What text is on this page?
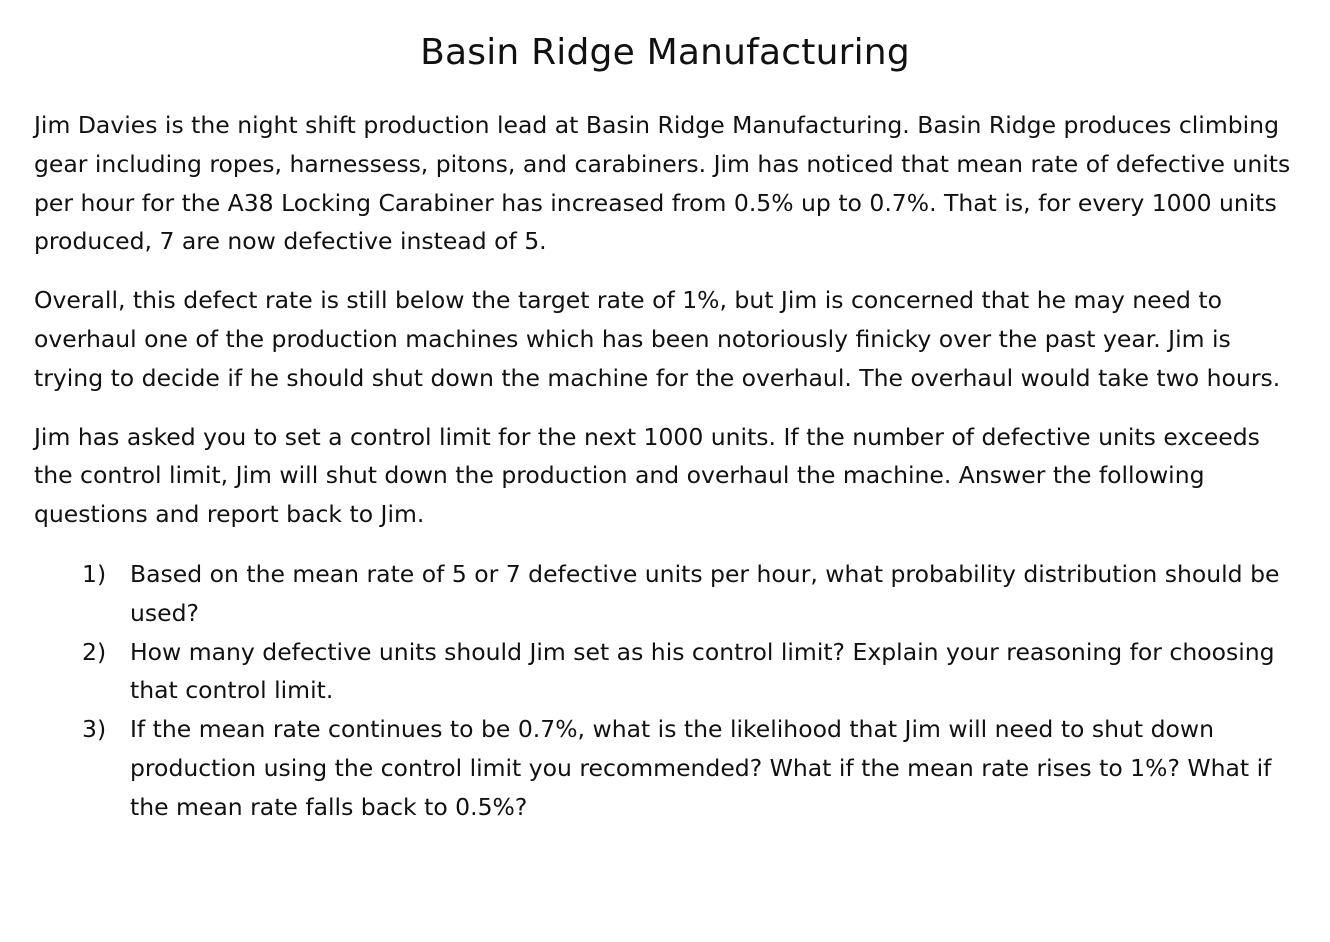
Basin Ridge Manufacturing

Jim Davies is the night shift production lead at Basin Ridge Manufacturing. Basin Ridge produces climbing gear including ropes, harnessess, pitons, and carabiners. Jim has noticed that mean rate of defective units per hour for the A38 Locking Carabiner has increased from 0.5% up to 0.7%. That is, for every 1000 units produced, 7 are now defective instead of 5.

Overall, this defect rate is still below the target rate of 1%, but Jim is concerned that he may need to overhaul one of the production machines which has been notoriously finicky over the past year. Jim is trying to decide if he should shut down the machine for the overhaul. The overhaul would take two hours.

Jim has asked you to set a control limit for the next 1000 units. If the number of defective units exceeds the control limit, Jim will shut down the production and overhaul the machine. Answer the following questions and report back to Jim.

1)	Based on the mean rate of 5 or 7 defective units per hour, what probability distribution should be used?
2)	How many defective units should Jim set as his control limit? Explain your reasoning for choosing that control limit.
3)	If the mean rate continues to be 0.7%, what is the likelihood that Jim will need to shut down production using the control limit you recommended? What if the mean rate rises to 1%? What if the mean rate falls back to 0.5%?
